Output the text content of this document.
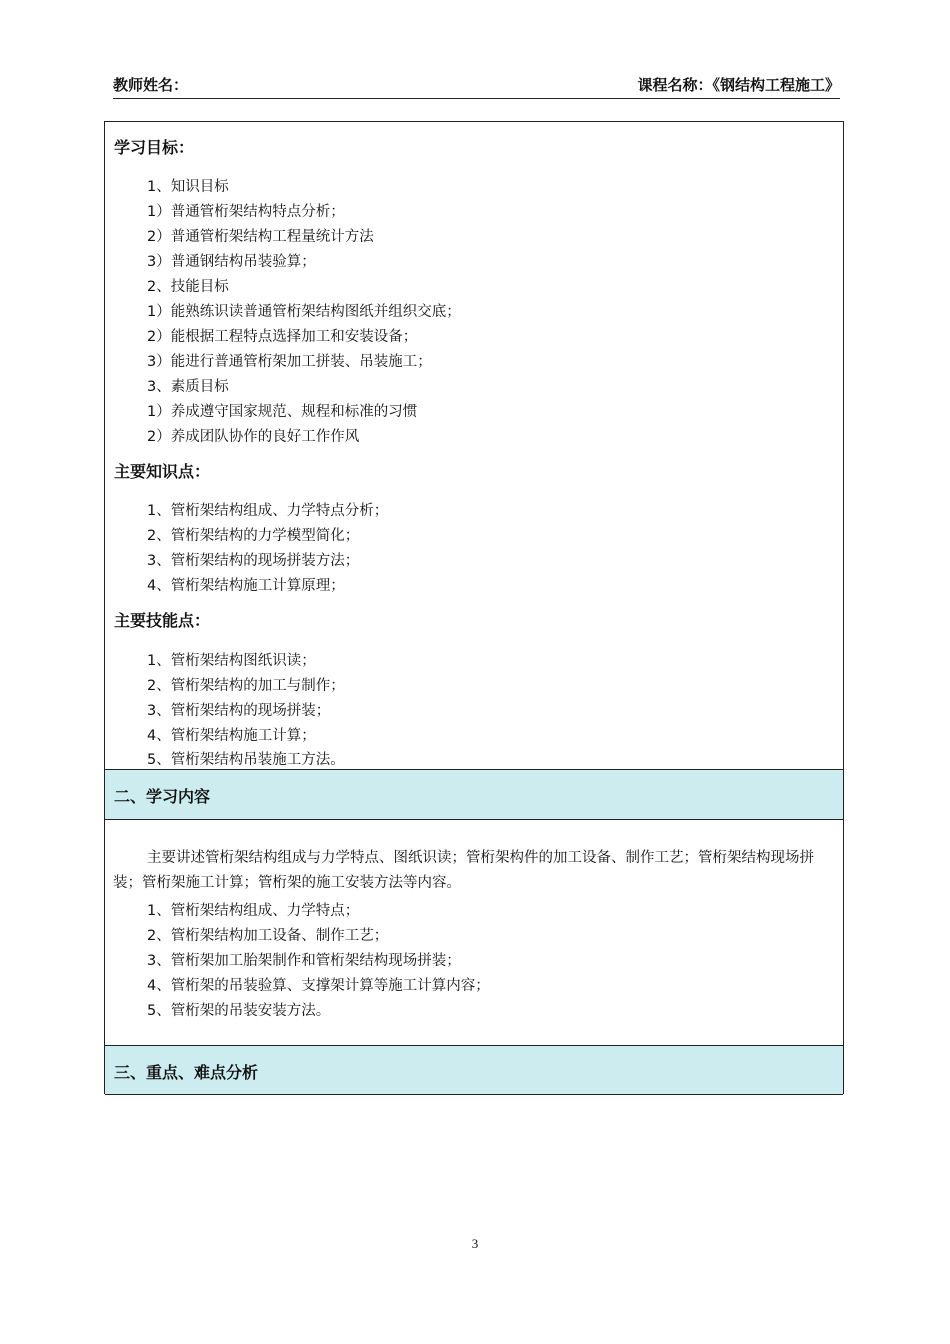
教师姓名：	课程名称：《钢结构工程施工》
学习目标：
1、知识目标
1）普通管桁架结构特点分析；
2）普通管桁架结构工程量统计方法
3）普通钢结构吊装验算；
2、技能目标
1）能熟练识读普通管桁架结构图纸并组织交底；
2）能根据工程特点选择加工和安装设备；
3）能进行普通管桁架加工拼装、吊装施工；
3、素质目标
1）养成遵守国家规范、规程和标准的习惯
2）养成团队协作的良好工作作风
主要知识点：
1、管桁架结构组成、力学特点分析；
2、管桁架结构的力学模型简化；
3、管桁架结构的现场拼装方法；
4、管桁架结构施工计算原理；
主要技能点：
1、管桁架结构图纸识读；
2、管桁架结构的加工与制作；
3、管桁架结构的现场拼装；
4、管桁架结构施工计算；
5、管桁架结构吊装施工方法。
二、学习内容
主要讲述管桁架结构组成与力学特点、图纸识读；管桁架构件的加工设备、制作工艺；管桁架结构现场拼装；管桁架施工计算；管桁架的施工安装方法等内容。
1、管桁架结构组成、力学特点；
2、管桁架结构加工设备、制作工艺；
3、管桁架加工胎架制作和管桁架结构现场拼装；
4、管桁架的吊装验算、支撑架计算等施工计算内容；
5、管桁架的吊装安装方法。
三、重点、难点分析
3
